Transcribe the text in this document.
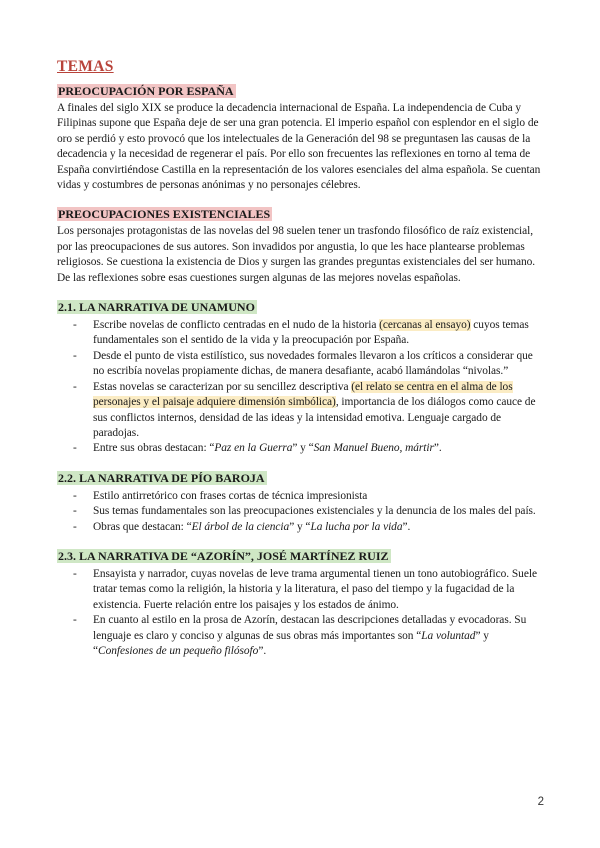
TEMAS
PREOCUPACIÓN POR ESPAÑA

A finales del siglo XIX se produce la decadencia internacional de España. La independencia de Cuba y Filipinas supone que España deje de ser una gran potencia. El imperio español con esplendor en el siglo de oro se perdió y esto provocó que los intelectuales de la Generación del 98 se preguntasen las causas de la decadencia y la necesidad de regenerar el país. Por ello son frecuentes las reflexiones en torno al tema de España convirtiéndose Castilla en la representación de los valores esenciales del alma española. Se cuentan vidas y costumbres de personas anónimas y no personajes célebres.

PREOCUPACIONES EXISTENCIALES

Los personajes protagonistas de las novelas del 98 suelen tener un trasfondo filosófico de raíz existencial, por las preocupaciones de sus autores. Son invadidos por angustia, lo que les hace plantearse problemas religiosos. Se cuestiona la existencia de Dios y surgen las grandes preguntas existenciales del ser humano. De las reflexiones sobre esas cuestiones surgen algunas de las mejores novelas españolas.

2.1. LA NARRATIVA DE UNAMUNO
- Escribe novelas de conflicto centradas en el nudo de la historia (cercanas al ensayo) cuyos temas fundamentales son el sentido de la vida y la preocupación por España.
- Desde el punto de vista estilístico, sus novedades formales llevaron a los críticos a considerar que no escribía novelas propiamente dichas, de manera desafiante, acabó llamándolas “nivolas.”
- Estas novelas se caracterizan por su sencillez descriptiva (el relato se centra en el alma de los personajes y el paisaje adquiere dimensión simbólica), importancia de los diálogos como cauce de sus conflictos internos, densidad de las ideas y la intensidad emotiva. Lenguaje cargado de paradojas.
- Entre sus obras destacan: “Paz en la Guerra” y “San Manuel Bueno, mártir”.
2.2. LA NARRATIVA DE PÍO BAROJA
- Estilo antirretórico con frases cortas de técnica impresionista
- Sus temas fundamentales son las preocupaciones existenciales y la denuncia de los males del país.
- Obras que destacan: “El árbol de la ciencia” y “La lucha por la vida”.
2.3. LA NARRATIVA DE “AZORÍN”, JOSÉ MARTÍNEZ RUIZ
- Ensayista y narrador, cuyas novelas de leve trama argumental tienen un tono autobiográfico. Suele tratar temas como la religión, la historia y la literatura, el paso del tiempo y la fugacidad de la existencia. Fuerte relación entre los paisajes y los estados de ánimo.
- En cuanto al estilo en la prosa de Azorín, destacan las descripciones detalladas y evocadoras. Su lenguaje es claro y conciso y algunas de sus obras más importantes son “La voluntad” y “Confesiones de un pequeño filósofo”.
2
